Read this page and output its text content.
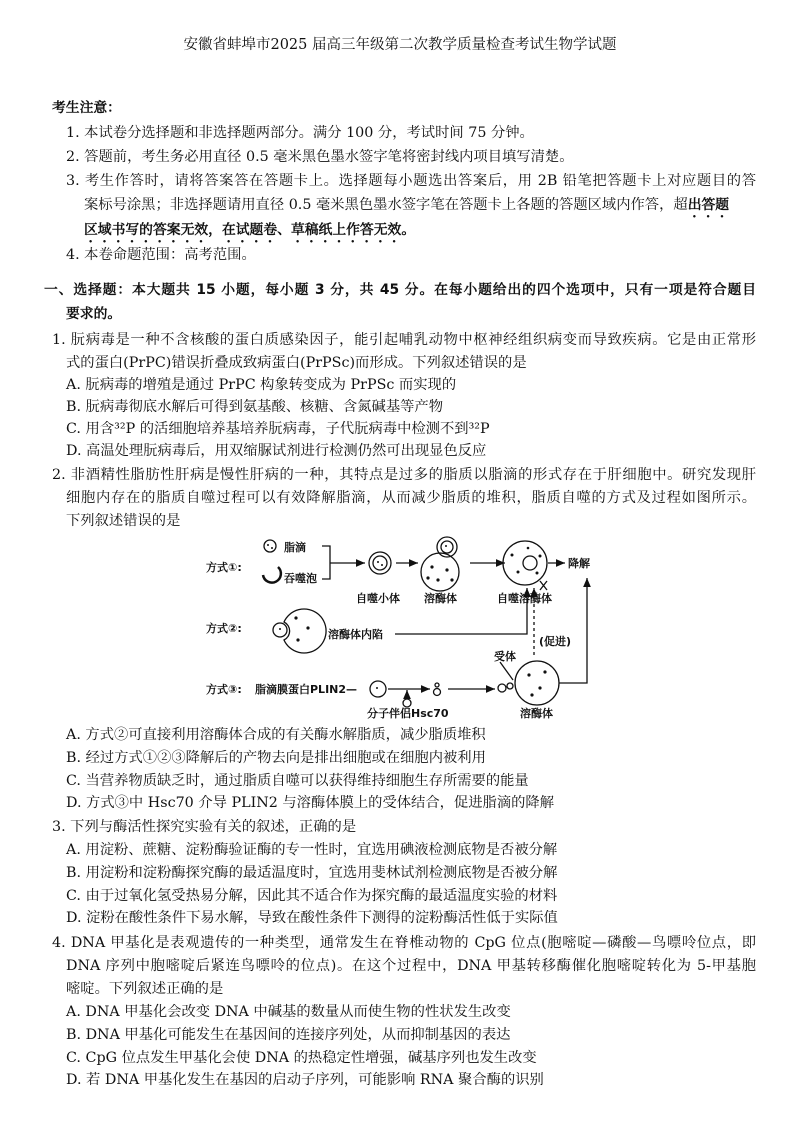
安徽省蚌埠市2025 届高三年级第二次教学质量检查考试生物学试题
考生注意：
1. 本试卷分选择题和非选择题两部分。满分 100 分，考试时间 75 分钟。
2. 答题前，考生务必用直径 0.5 毫米黑色墨水签字笔将密封线内项目填写清楚。
3. 考生作答时，请将答案答在答题卡上。选择题每小题选出答案后，用 2B 铅笔把答题卡上对应题目的答
案标号涂黑；非选择题请用直径 0.5 毫米黑色墨水签字笔在答题卡上各题的答题区域内作答，超出答题
区域书写的答案无效，在试题卷、草稿纸上作答无效。
4. 本卷命题范围：高考范围。
一、选择题：本大题共 15 小题，每小题 3 分，共 45 分。在每小题给出的四个选项中，只有一项是符合题目
要求的。
1. 朊病毒是一种不含核酸的蛋白质感染因子，能引起哺乳动物中枢神经组织病变而导致疾病。它是由正常形
式的蛋白(PrPC)错误折叠成致病蛋白(PrPSc)而形成。下列叙述错误的是
A. 朊病毒的增殖是通过 PrPC 构象转变成为 PrPSc 而实现的
B. 朊病毒彻底水解后可得到氨基酸、核糖、含氮碱基等产物
C. 用含³²P 的活细胞培养基培养朊病毒，子代朊病毒中检测不到³²P
D. 高温处理朊病毒后，用双缩脲试剂进行检测仍然可出现显色反应
2. 非酒精性脂肪性肝病是慢性肝病的一种，其特点是过多的脂质以脂滴的形式存在于肝细胞中。研究发现肝
细胞内存在的脂质自噬过程可以有效降解脂滴，从而减少脂质的堆积，脂质自噬的方式及过程如图所示。
下列叙述错误的是
方式①:
脂滴
吞噬泡
自噬小体 溶酶体	自噬溶酶体
降解
方式②:	溶酶体内陷
(促进)
方式③: 脂滴膜蛋白PLIN2—
受体
分子伴侣Hsc70	溶酶体
A. 方式②可直接利用溶酶体合成的有关酶水解脂质，减少脂质堆积
B. 经过方式①②③降解后的产物去向是排出细胞或在细胞内被利用
C. 当营养物质缺乏时，通过脂质自噬可以获得维持细胞生存所需要的能量
D. 方式③中 Hsc70 介导 PLIN2 与溶酶体膜上的受体结合，促进脂滴的降解
3. 下列与酶活性探究实验有关的叙述，正确的是
A. 用淀粉、蔗糖、淀粉酶验证酶的专一性时，宜选用碘液检测底物是否被分解
B. 用淀粉和淀粉酶探究酶的最适温度时，宜选用斐林试剂检测底物是否被分解
C. 由于过氧化氢受热易分解，因此其不适合作为探究酶的最适温度实验的材料
D. 淀粉在酸性条件下易水解，导致在酸性条件下测得的淀粉酶活性低于实际值
4. DNA 甲基化是表观遗传的一种类型，通常发生在脊椎动物的 CpG 位点(胞嘧啶—磷酸—鸟嘌呤位点，即
DNA 序列中胞嘧啶后紧连鸟嘌呤的位点)。在这个过程中，DNA 甲基转移酶催化胞嘧啶转化为 5-甲基胞
嘧啶。下列叙述正确的是
A. DNA 甲基化会改变 DNA 中碱基的数量从而使生物的性状发生改变
B. DNA 甲基化可能发生在基因间的连接序列处，从而抑制基因的表达
C. CpG 位点发生甲基化会使 DNA 的热稳定性增强，碱基序列也发生改变
D. 若 DNA 甲基化发生在基因的启动子序列，可能影响 RNA 聚合酶的识别
